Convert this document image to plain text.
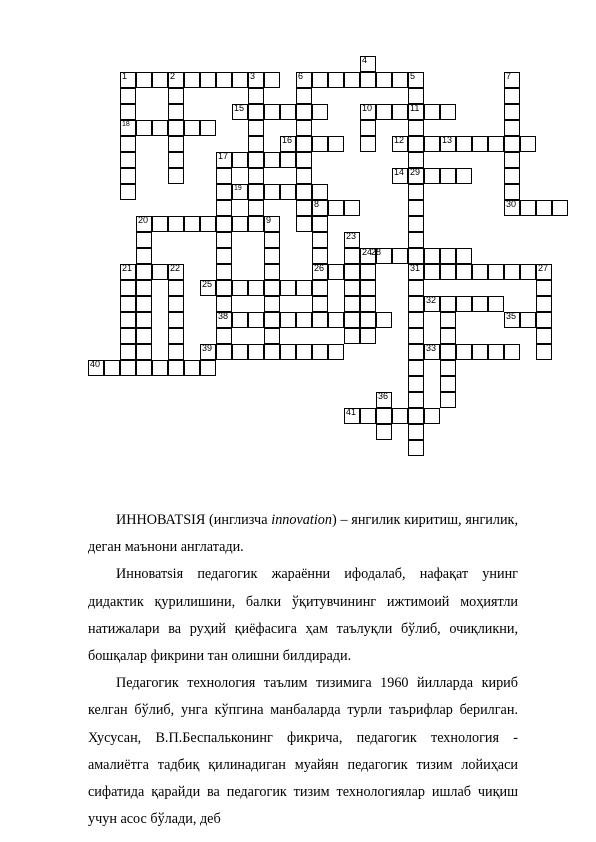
1	2	3
4
5
6	7
8
9
10	11
12	13
14
15
16
17
18
19
20
21	22
23
24
25
26	27
28
29
30
31
32
33
35
36
38
39
40
41

ИННОВАТSIЯ (инглизча innovation) – янгилик киритиш, янгилик, деган маънони англатади.

Инноватsiя педагогик жараённи ифодалаб, нафақат унинг дидактик қурилишини, балки ўқитувчининг ижтимоий моҳиятли натижалари ва руҳий қиёфасига ҳам таълуқли бўлиб, очиқликни, бошқалар фикрини тан олишни билдиради.

Педагогик технология таълим тизимига 1960 йилларда кириб келган бўлиб, унга кўпгина манбаларда турли таърифлар берилган. Хусусан, В.П.Беспальконинг фикрича, педагогик технология - амалиётга тадбиқ қилинадиган муайян педагогик тизим лойиҳаси сифатида қарайди ва педагогик тизим технологиялар ишлаб чиқиш учун асос бўлади, деб
